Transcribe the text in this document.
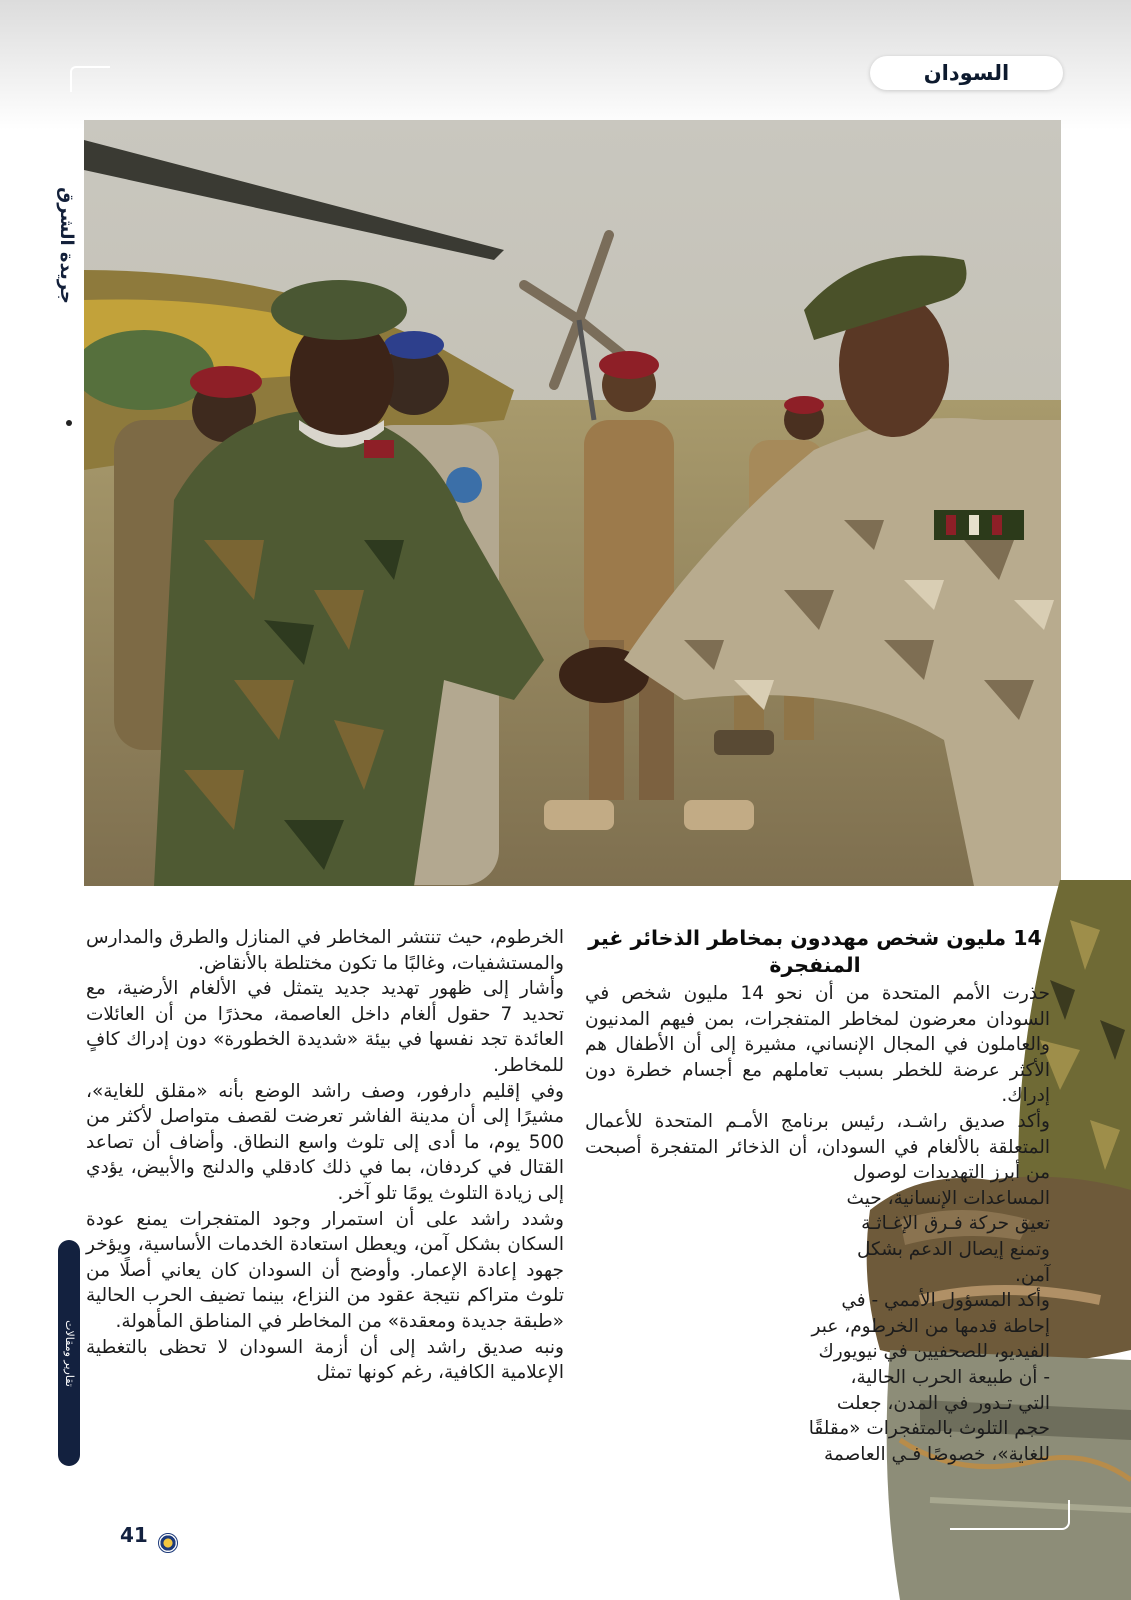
السودان
جريدة الشرق
14 مليون شخص مهددون بمخاطر الذخائر غير
المنفجرة

حذرت الأمم المتحدة من أن نحو 14 مليون شخص في السودان معرضون لمخاطر المتفجرات، بمن فيهم المدنيون والعاملون في المجال الإنساني، مشيرة إلى أن الأطفال هم الأكثر عرضة للخطر بسبب تعاملهم مع أجسام خطرة دون إدراك.

وأكد صديق راشـد، رئيس برنامج الأمـم المتحدة للأعمال المتعلقة بالألغام في السودان، أن الذخائر المتفجرة أصبحت من أبرز التهديدات لوصول

المساعدات الإنسانية، حيث

تعيق حركة فـرق الإغـاثـة

وتمنع إيصال الدعم بشكل

آمن.

وأكد المسؤول الأممي - في

إحاطة قدمها من الخرطوم، عبر

الفيديو، للصحفيين في نيويورك

- أن طبيعة الحرب الحالية،

التي تـدور في المدن، جعلت

حجم التلوث بالمتفجرات «مقلقًا

للغاية»، خصوصًا فـي العاصمة

الخرطوم، حيث تنتشر المخاطر في المنازل والطرق والمدارس والمستشفيات، وغالبًا ما تكون مختلطة بالأنقاض.

وأشار إلى ظهور تهديد جديد يتمثل في الألغام الأرضية، مع تحديد 7 حقول ألغام داخل العاصمة، محذرًا من أن العائلات العائدة تجد نفسها في بيئة «شديدة الخطورة» دون إدراك كافٍ للمخاطر.

وفي إقليم دارفور، وصف راشد الوضع بأنه «مقلق للغاية»، مشيرًا إلى أن مدينة الفاشر تعرضت لقصف متواصل لأكثر من 500 يوم، ما أدى إلى تلوث واسع النطاق. وأضاف أن تصاعد القتال في كردفان، بما في ذلك كادقلي والدلنج والأبيض، يؤدي إلى زيادة التلوث يومًا تلو آخر.

وشدد راشد على أن استمرار وجود المتفجرات يمنع عودة السكان بشكل آمن، ويعطل استعادة الخدمات الأساسية، ويؤخر جهود إعادة الإعمار. وأوضح أن السودان كان يعاني أصلًا من تلوث متراكم نتيجة عقود من النزاع، بينما تضيف الحرب الحالية «طبقة جديدة ومعقدة» من المخاطر في المناطق المأهولة.

ونبه صديق راشد إلى أن أزمة السودان لا تحظى بالتغطية الإعلامية الكافية، رغم كونها تمثل

تقارير ومقالات
41
